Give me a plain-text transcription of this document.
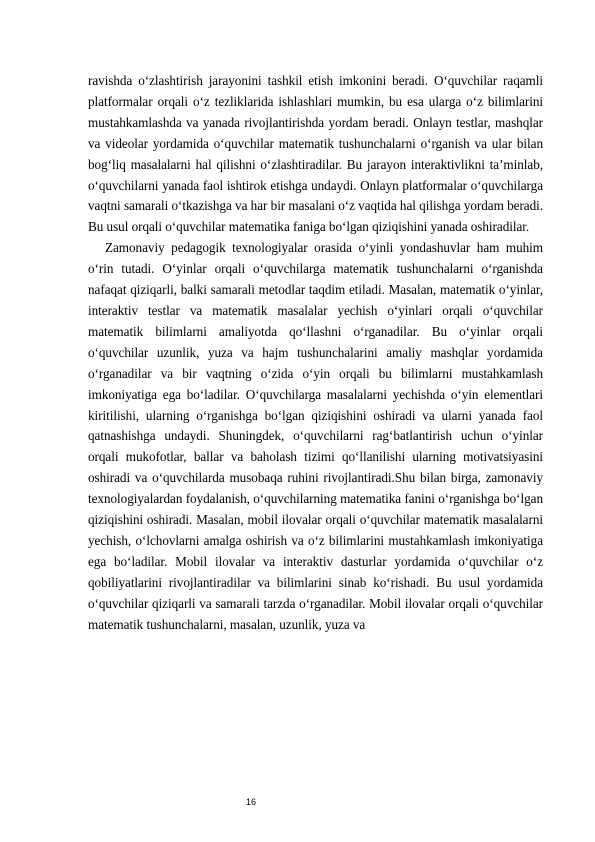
ravishda o‘zlashtirish jarayonini tashkil etish imkonini beradi. O‘quvchilar raqamli platformalar orqali o‘z tezliklarida ishlashlari mumkin, bu esa ularga o‘z bilimlarini mustahkamlashda va yanada rivojlantirishda yordam beradi. Onlayn testlar, mashqlar va videolar yordamida o‘quvchilar matematik tushunchalarni o‘rganish va ular bilan bog‘liq masalalarni hal qilishni o‘zlashtiradilar. Bu jarayon interaktivlikni ta’minlab, o‘quvchilarni yanada faol ishtirok etishga undaydi. Onlayn platformalar o‘quvchilarga vaqtni samarali o‘tkazishga va har bir masalani o‘z vaqtida hal qilishga yordam beradi. Bu usul orqali o‘quvchilar matematika faniga bo‘lgan qiziqishini yanada oshiradilar.

Zamonaviy pedagogik texnologiyalar orasida o‘yinli yondashuvlar ham muhim o‘rin tutadi. O‘yinlar orqali o‘quvchilarga matematik tushunchalarni o‘rganishda nafaqat qiziqarli, balki samarali metodlar taqdim etiladi. Masalan, matematik o‘yinlar, interaktiv testlar va matematik masalalar yechish o‘yinlari orqali o‘quvchilar matematik bilimlarni amaliyotda qo‘llashni o‘rganadilar. Bu o‘yinlar orqali o‘quvchilar uzunlik, yuza va hajm tushunchalarini amaliy mashqlar yordamida o‘rganadilar va bir vaqtning o‘zida o‘yin orqali bu bilimlarni mustahkamlash imkoniyatiga ega bo‘ladilar. O‘quvchilarga masalalarni yechishda o‘yin elementlari kiritilishi, ularning o‘rganishga bo‘lgan qiziqishini oshiradi va ularni yanada faol qatnashishga undaydi. Shuningdek, o‘quvchilarni rag‘batlantirish uchun o‘yinlar orqali mukofotlar, ballar va baholash tizimi qo‘llanilishi ularning motivatsiyasini oshiradi va o‘quvchilarda musobaqa ruhini rivojlantiradi.Shu bilan birga, zamonaviy texnologiyalardan foydalanish, o‘quvchilarning matematika fanini o‘rganishga bo‘lgan qiziqishini oshiradi. Masalan, mobil ilovalar orqali o‘quvchilar matematik masalalarni yechish, o‘lchovlarni amalga oshirish va o‘z bilimlarini mustahkamlash imkoniyatiga ega bo‘ladilar. Mobil ilovalar va interaktiv dasturlar yordamida o‘quvchilar o‘z qobiliyatlarini rivojlantiradilar va bilimlarini sinab ko‘rishadi. Bu usul yordamida o‘quvchilar qiziqarli va samarali tarzda o‘rganadilar. Mobil ilovalar orqali o‘quvchilar matematik tushunchalarni, masalan, uzunlik, yuza va

16
